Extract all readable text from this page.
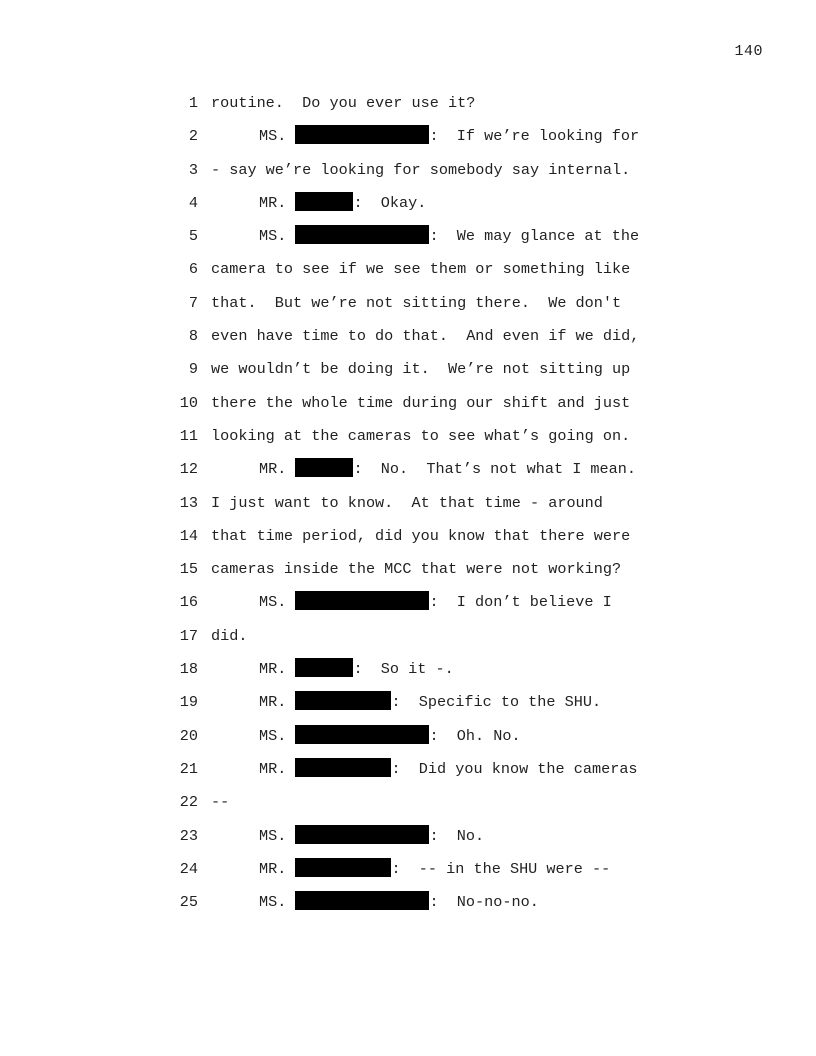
140
1 routine.  Do you ever use it?
2	MS.	:  If we’re looking for
3 - say we’re looking for somebody say internal.
4	MR.	:  Okay.
5	MS.	:  We may glance at the
6 camera to see if we see them or something like
7 that.  But we’re not sitting there.  We don't
8 even have time to do that.  And even if we did,
9 we wouldn’t be doing it.  We’re not sitting up
10 there the whole time during our shift and just
11 looking at the cameras to see what’s going on.
12	MR.	:  No.  That’s not what I mean.
13 I just want to know.  At that time - around
14 that time period, did you know that there were
15 cameras inside the MCC that were not working?
16	MS.	:  I don’t believe I
17 did.
18	MR.	:  So it -.
19	MR.	:  Specific to the SHU.
20	MS.	:  Oh. No.
21	MR.	:  Did you know the cameras
22 --
23	MS.	:  No.
24	MR.	:  -- in the SHU were --
25	MS.	:  No-no-no.
